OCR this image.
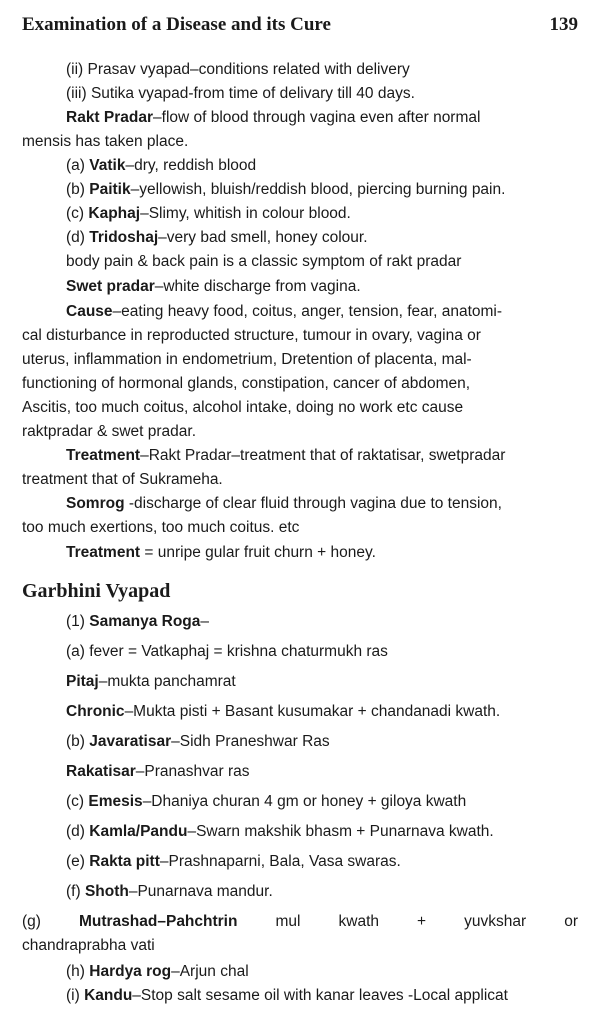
Examination of a Disease and its Cure	139
(ii) Prasav vyapad–conditions related with delivery
(iii) Sutika vyapad-from time of delivary till 40 days.
Rakt Pradar–flow of blood through vagina even after normal
mensis has taken place.
(a) Vatik–dry, reddish blood
(b) Paitik–yellowish, bluish/reddish blood, piercing burning pain.
(c) Kaphaj–Slimy, whitish in colour blood.
(d) Tridoshaj–very bad smell, honey colour.
body pain & back pain is a classic symptom of rakt pradar
Swet pradar–white discharge from vagina.
Cause–eating heavy food, coitus, anger, tension, fear, anatomi-
cal disturbance in reproducted structure, tumour in ovary, vagina or
uterus, inflammation in endometrium, Dretention of placenta, mal-
functioning of hormonal glands, constipation, cancer of abdomen,
Ascitis, too much coitus, alcohol intake, doing no work etc cause
raktpradar & swet pradar.
Treatment–Rakt Pradar–treatment that of raktatisar, swetpradar
treatment that of Sukrameha.
Somrog -discharge of clear fluid through vagina due to tension,
too much exertions, too much coitus. etc
Treatment = unripe gular fruit churn + honey.
Garbhini Vyapad
(1) Samanya Roga–
(a) fever = Vatkaphaj = krishna chaturmukh ras
Pitaj–mukta panchamrat
Chronic–Mukta pisti + Basant kusumakar + chandanadi kwath.
(b) Javaratisar–Sidh Praneshwar Ras
Rakatisar–Pranashvar ras
(c) Emesis–Dhaniya churan 4 gm or honey + giloya kwath
(d) Kamla/Pandu–Swarn makshik bhasm + Punarnava kwath.
(e) Rakta pitt–Prashnaparni, Bala, Vasa swaras.
(f) Shoth–Punarnava mandur.
(g) Mutrashad–Pahchtrin mul kwath + yuvkshar or
chandraprabha vati
(h) Hardya rog–Arjun chal
(i) Kandu–Stop salt sesame oil with kanar leaves -Local applicat
